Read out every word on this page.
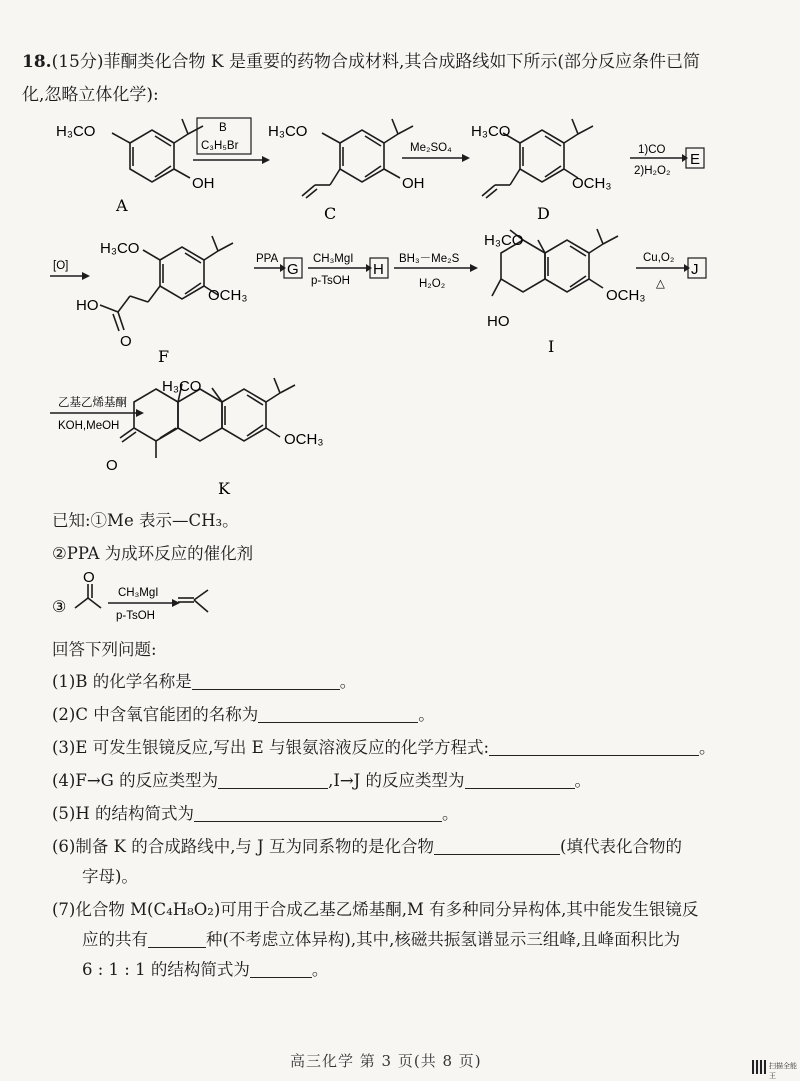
18.(15分)菲酮类化合物 K 是重要的药物合成材料,其合成路线如下所示(部分反应条件已简
化,忽略立体化学):
H₃CO
OH
A
B
C₃H₅Br
H₃CO
OH
C
Me₂SO₄
H₃CO
OCH₃
D
1)CO
2)H₂O₂
E
[O]
H₃CO
OCH₃
HO
O
F
PPA
G
CH₃MgI
p-TsOH
H
BH₃－Me₂S
H₂O₂
H₃CO
OCH₃
HO
I
Cu,O₂
△
J
乙基乙烯基酮
KOH,MeOH
H₃CO
OCH₃
O
K
③
O
CH₃MgI
p-TsOH
已知:①Me 表示—CH₃。
②PPA 为成环反应的催化剂
回答下列问题:
(1)B 的化学名称是	。
(2)C 中含氧官能团的名称为	。
(3)E 可发生银镜反应,写出 E 与银氨溶液反应的化学方程式:	。
(4)F→G 的反应类型为	,I→J 的反应类型为	。
(5)H 的结构简式为	。
(6)制备 K 的合成路线中,与 J 互为同系物的是化合物	(填代表化合物的
字母)。
(7)化合物 M(C₄H₈O₂)可用于合成乙基乙烯基酮,M 有多种同分异构体,其中能发生银镜反
应的共有	种(不考虑立体异构),其中,核磁共振氢谱显示三组峰,且峰面积比为
6 : 1 : 1 的结构简式为	。
高三化学 第 3 页(共 8 页)	扫描全能王
